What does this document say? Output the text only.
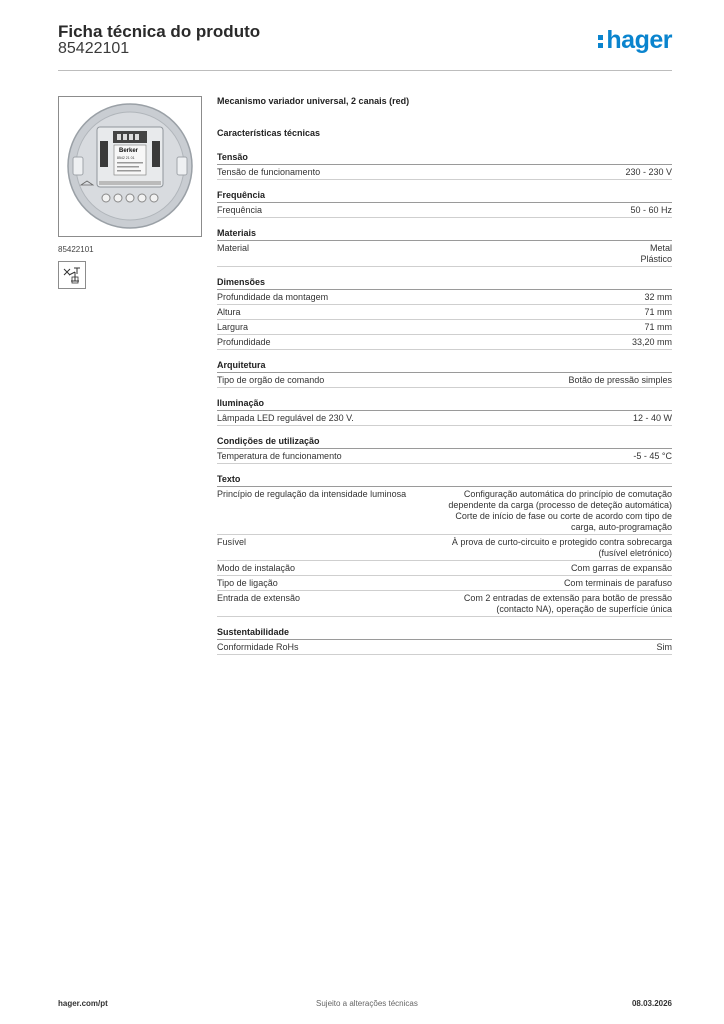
Ficha técnica do produto
85422101	hager
Berker
8542 21 01
85422101
Mecanismo variador universal, 2 canais (red)
Características técnicas
Tensão
Tensão de funcionamento	230 - 230 V
Frequência
Frequência	50 - 60 Hz
Materiais
Material	Metal
Plástico
Dimensões
Profundidade da montagem	32 mm
Altura	71 mm
Largura	71 mm
Profundidade	33,20 mm
Arquitetura
Tipo de orgão de comando	Botão de pressão simples
Iluminação
Lâmpada LED regulável de 230 V.	12 - 40 W
Condições de utilização
Temperatura de funcionamento	-5 - 45 °C
Texto
Princípio de regulação da intensidade luminosa	Configuração automática do princípio de comutação
dependente da carga (processo de deteção automática)
Corte de início de fase ou corte de acordo com tipo de
carga, auto-programação
Fusível	À prova de curto-circuito e protegido contra sobrecarga
(fusível eletrónico)
Modo de instalação	Com garras de expansão
Tipo de ligação	Com terminais de parafuso
Entrada de extensão	Com 2 entradas de extensão para botão de pressão
(contacto NA), operação de superfície única
Sustentabilidade
Conformidade RoHs	Sim
hager.com/pt	Sujeito a alterações técnicas	08.03.2026
